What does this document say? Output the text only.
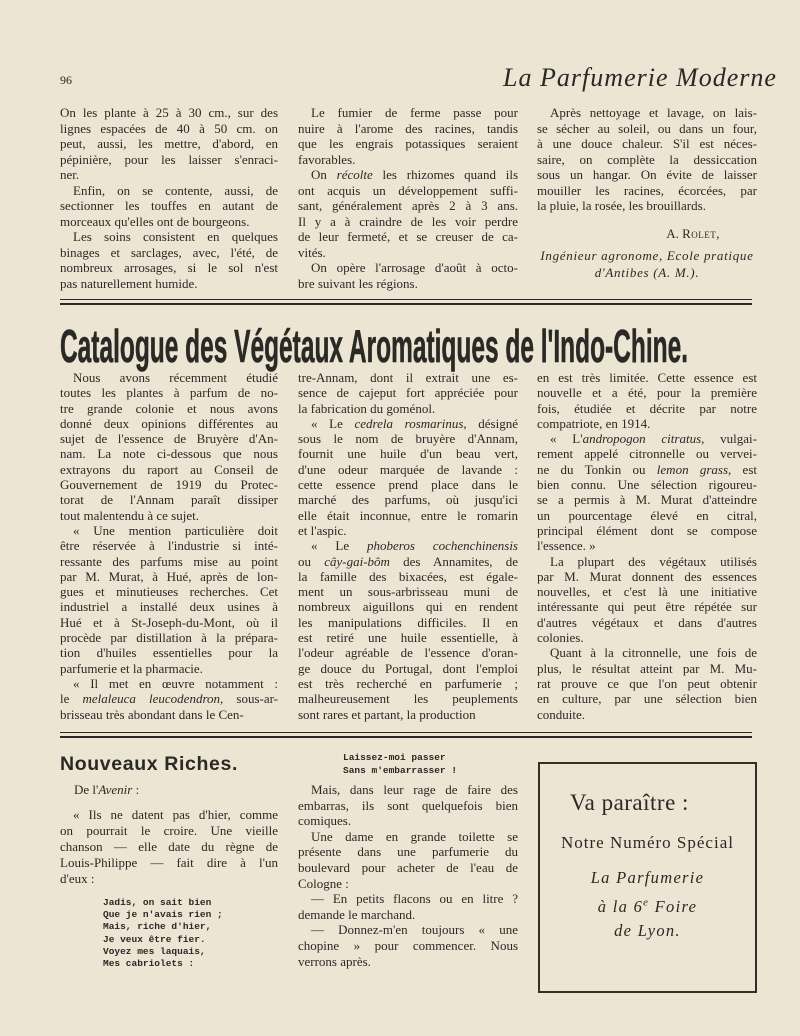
96	La Parfumerie Moderne
On les plante à 25 à 30 cm., sur des
lignes espacées de 40 à 50 cm. on
peut, aussi, les mettre, d'abord, en
pépinière, pour les laisser s'enraci-
ner.
Enfin, on se contente, aussi, de
sectionner les touffes en autant de
morceaux qu'elles ont de bourgeons.
Les soins consistent en quelques
binages et sarclages, avec, l'été, de
nombreux arrosages, si le sol n'est
pas naturellement humide.
Le fumier de ferme passe pour
nuire à l'arome des racines, tandis
que les engrais potassiques seraient
favorables.
On récolte les rhizomes quand ils
ont acquis un développement suffi-
sant, généralement après 2 à 3 ans.
Il y a à craindre de les voir perdre
de leur fermeté, et se creuser de ca-
vités.
On opère l'arrosage d'août à octo-
bre suivant les régions.
Après nettoyage et lavage, on lais-
se sécher au soleil, ou dans un four,
à une douce chaleur. S'il est néces-
saire, on complète la dessiccation
sous un hangar. On évite de laisser
mouiller les racines, écorcées, par
la pluie, la rosée, les brouillards.
A. Rolet,
Ingénieur agronome, Ecole pratique
d'Antibes (A. M.).
Catalogue des Végétaux Aromatiques de l'Indo-Chine.
Nous avons récemment étudié
toutes les plantes à parfum de no-
tre grande colonie et nous avons
donné deux opinions différentes au
sujet de l'essence de Bruyère d'An-
nam. La note ci-dessous que nous
extrayons du raport au Conseil de
Gouvernement de 1919 du Protec-
torat de l'Annam paraît dissiper
tout malentendu à ce sujet.
« Une mention particulière doit
être réservée à l'industrie si inté-
ressante des parfums mise au point
par M. Murat, à Hué, après de lon-
gues et minutieuses recherches. Cet
industriel a installé deux usines à
Hué et à St-Joseph-du-Mont, où il
procède par distillation à la prépara-
tion d'huiles essentielles pour la
parfumerie et la pharmacie.
« Il met en œuvre notamment :
le melaleuca leucodendron, sous-ar-
brisseau très abondant dans le Cen-
tre-Annam, dont il extrait une es-
sence de cajeput fort appréciée pour
la fabrication du goménol.
« Le cedrela rosmarinus, désigné
sous le nom de bruyère d'Annam,
fournit une huile d'un beau vert,
d'une odeur marquée de lavande :
cette essence prend place dans le
marché des parfums, où jusqu'ici
elle était inconnue, entre le romarin
et l'aspic.
« Le phoberos cochenchinensis
ou cây-gai-bôm des Annamites, de
la famille des bixacées, est égale-
ment un sous-arbrisseau muni de
nombreux aiguillons qui en rendent
les manipulations difficiles. Il en
est retiré une huile essentielle, à
l'odeur agréable de l'essence d'oran-
ge douce du Portugal, dont l'emploi
est très recherché en parfumerie ;
malheureusement les peuplements
sont rares et partant, la production
en est très limitée. Cette essence est
nouvelle et a été, pour la première
fois, étudiée et décrite par notre
compatriote, en 1914.
« L'andropogon citratus, vulgai-
rement appelé citronnelle ou vervei-
ne du Tonkin ou lemon grass, est
bien connu. Une sélection rigoureu-
se a permis à M. Murat d'atteindre
un pourcentage élevé en citral,
principal élément dont se compose
l'essence. »
La plupart des végétaux utilisés
par M. Murat donnent des essences
nouvelles, et c'est là une initiative
intéressante qui peut être répétée sur
d'autres végétaux et dans d'autres
colonies.
Quant à la citronnelle, une fois de
plus, le résultat atteint par M. Mu-
rat prouve ce que l'on peut obtenir
en culture, par une sélection bien
conduite.
Nouveaux Riches.
De l'Avenir :
« Ils ne datent pas d'hier, comme
on pourrait le croire. Une vieille
chanson — elle date du règne de
Louis-Philippe — fait dire à l'un
d'eux :
Jadis, on sait bien
Que je n'avais rien ;
Mais, riche d'hier,
Je veux être fier.
Voyez mes laquais,
Mes cabriolets :
Laissez-moi passer
Sans m'embarrasser !
Mais, dans leur rage de faire des
embarras, ils sont quelquefois bien
comiques.
Une dame en grande toilette se
présente dans une parfumerie du
boulevard pour acheter de l'eau de
Cologne :
— En petits flacons ou en litre ?
demande le marchand.
— Donnez-m'en toujours « une
chopine » pour commencer. Nous
verrons après.
Va paraître :
Notre Numéro Spécial
La Parfumerie
à la 6e Foire
de Lyon.
